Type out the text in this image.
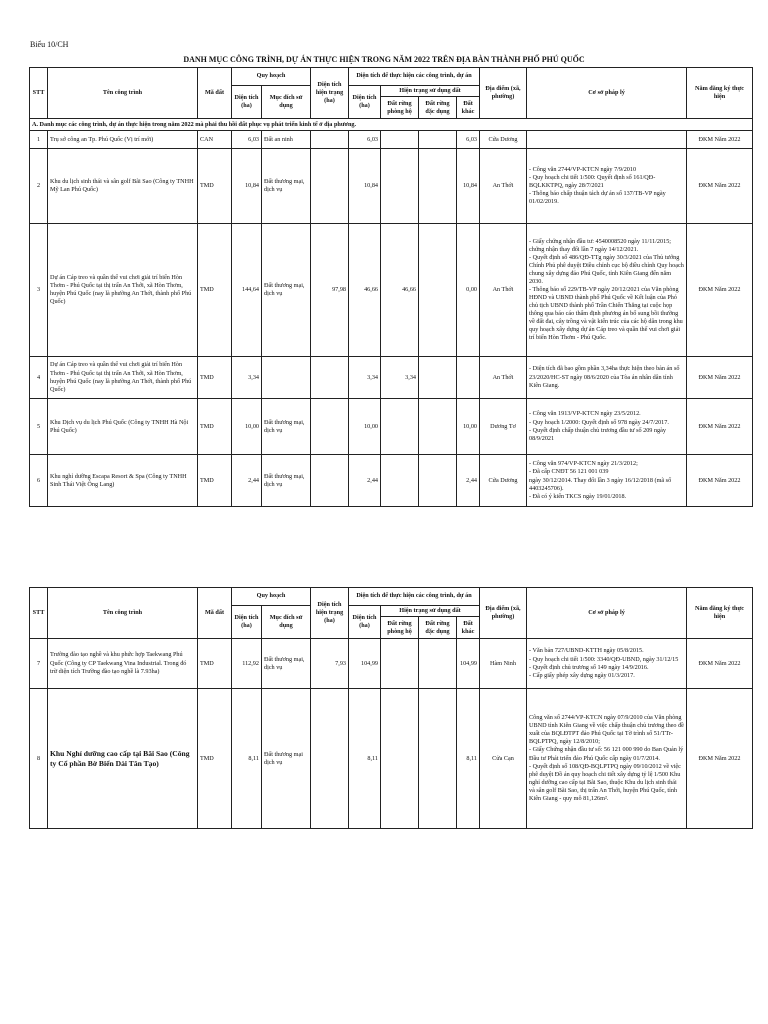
Biểu 10/CH
DANH MỤC CÔNG TRÌNH, DỰ ÁN THỰC HIỆN TRONG NĂM 2022 TRÊN ĐỊA BÀN THÀNH PHỐ PHÚ QUỐC
STT	Tên công trình	Mã đất	Quy hoạch		Diện tích hiện trạng (ha)	Diện tích để thực hiện các công trình, dự án				Địa điểm (xã, phường)	Cơ sở pháp lý	Năm đăng ký thực hiện
			Diện tích (ha)	Mục đích sử dụng		Diện tích (ha)	Hiện trạng sử dụng đất					
							Đất rừng phòng hộ	Đất rừng đặc dụng	Đất khác			
A. Danh mục các công trình, dự án thực hiện trong năm 2022 mà phải thu hồi đất phục vụ phát triển kinh tế ở địa phương.												
1	Trụ sở công an Tp. Phú Quốc (Vị trí mới)	CAN	6,03	Đất an ninh		6,03			6,03	Cửa Dương		ĐKM Năm 2022
2	Khu du lịch sinh thái và sân golf Bãi Sao (Công ty TNHH Mỹ Lan Phú Quốc)	TMD	10,84	Đất thương mại, dịch vụ		10,84			10,84	An Thới	- Công văn 2744/VP-KTCN ngày 7/9/2010
- Quy hoạch chi tiết 1/500: Quyết định số 161/QĐ-BQLKKTPQ, ngày 28/7/2021
- Thông báo chấp thuận tách dự án số 137/TB-VP ngày 01/02/2019.	ĐKM Năm 2022
3	Dự án Cáp treo và quần thể vui chơi giải trí biển Hòn Thơm - Phú Quốc tại thị trấn An Thới, xã Hòn Thơm, huyện Phú Quốc (nay là phường An Thới, thành phố Phú Quốc)	TMD	144,64	Đất thương mại, dịch vụ	97,98	46,66	46,66		0,00	An Thới	- Giấy chứng nhận đầu tư: 4540008520 ngày 11/11/2015; chứng nhận thay đổi lần 7 ngày 14/12/2021.
- Quyết định số 486/QĐ-TTg ngày 30/3/2021 của Thủ tướng Chính Phủ phê duyệt Điều chỉnh cục bộ điều chỉnh Quy hoạch chung xây dựng đảo Phú Quốc, tỉnh Kiên Giang đến năm 2030.
- Thông báo số 229/TB-VP ngày 20/12/2021 của Văn phòng HĐND và UBND thành phố Phú Quốc về Kết luận của Phó chủ tịch UBND thành phố Trần Chiến Thắng tại cuộc họp thông qua báo cáo thẩm định phương án bổ sung bồi thường về đất đai, cây trồng và vật kiến trúc của các hộ dân trong khu quy hoạch xây dựng dự án Cáp treo và quần thể vui chơi giải trí biển Hòn Thơm - Phú Quốc.	ĐKM Năm 2022
4	Dự án Cáp treo và quần thể vui chơi giải trí biển Hòn Thơm - Phú Quốc tại thị trấn An Thới, xã Hòn Thơm, huyện Phú Quốc (nay là phường An Thới, thành phố Phú Quốc)	TMD	3,34			3,34	3,34			An Thới	- Diện tích đã bao gồm phần 3,34ha thực hiện theo bản án số 23/2020/HC-ST ngày 08/6/2020 của Tòa án nhân dân tỉnh Kiên Giang.	ĐKM Năm 2022
5	Khu Dịch vụ du lịch Phú Quốc (Công ty TNHH Hà Nội Phú Quốc)	TMD	10,00	Đất thương mại, dịch vụ		10,00			10,00	Dương Tơ	- Công văn 1913/VP-KTCN ngày 23/5/2012.
- Quy hoạch 1/2000: Quyết định số 978 ngày 24/7/2017.
- Quyết định chấp thuận chủ trương đầu tư số 209 ngày 08/9/2021	ĐKM Năm 2022
6	Khu nghỉ dưỡng Escapa Resort & Spa (Công ty TNHH Sinh Thái Việt Ông Lang)	TMD	2,44	Đất thương mại, dịch vụ		2,44			2,44	Cửa Dương	- Công văn 974/VP-KTCN ngày 21/3/2012;
- Đã cấp CNĐT 56 121 001 039
ngày 30/12/2014. Thay đổi lần 3 ngày 16/12/2018 (mã số 4403245706).
- Đã có ý kiến TKCS ngày 19/01/2018.	ĐKM Năm 2022
STT	Tên công trình	Mã đất	Quy hoạch		Diện tích hiện trạng (ha)	Diện tích để thực hiện các công trình, dự án				Địa điểm (xã, phường)	Cơ sở pháp lý	Năm đăng ký thực hiện
			Diện tích (ha)	Mục đích sử dụng		Diện tích (ha)	Hiện trạng sử dụng đất					
							Đất rừng phòng hộ	Đất rừng đặc dụng	Đất khác			
7	Trường đào tạo nghề và khu phức hợp Taekwang Phú Quốc (Công ty CP Taekwang Vina Industrial. Trong đó trừ diện tích Trường đào tạo nghề là 7.93ha)	TMD	112,92	Đất thương mại, dịch vụ	7,93	104,99			104,99	Hàm Ninh	- Văn bản 727/UBND-KTTH ngày 05/8/2015.
- Quy hoạch chi tiết 1/500: 3340/QĐ-UBND, ngày 31/12/15
- Quyết định chủ trương số 149 ngày 14/9/2016.
- Cấp giấy phép xây dựng ngày 01/3/2017.	ĐKM Năm 2022
8	Khu Nghỉ dưỡng cao cấp tại Bãi Sao (Công ty Cổ phần Bờ Biển Dài Tân Tạo)	TMD	8,11	Đất thương mại dịch vụ		8,11			8,11	Cửa Cạn	Công văn số 2744/VP-KTCN ngày 07/9/2010 của Văn phòng UBND tỉnh Kiên Giang về việc chấp thuận chủ trương theo đề xuất của BQLĐTPT đảo Phú Quốc tại Tờ trình số 51/TTr-BQLPTPQ, ngày 12/8/2010;
- Giấy Chứng nhận đầu tư số: 56 121 000 990 do Ban Quản lý Đầu tư Phát triển đảo Phú Quốc cấp ngày 01/7/2014.
- Quyết định số 108/QĐ-BQLPTPQ ngày 09/10/2012 về việc phê duyệt Đồ án quy hoạch chi tiết xây dựng tỷ lệ 1/500 Khu nghỉ dưỡng cao cấp tại Bãi Sao, thuộc Khu du lịch sinh thái và sân golf Bãi Sao, thị trấn An Thới, huyện Phú Quốc, tỉnh Kiên Giang - quy mô 81,126m².	ĐKM Năm 2022
